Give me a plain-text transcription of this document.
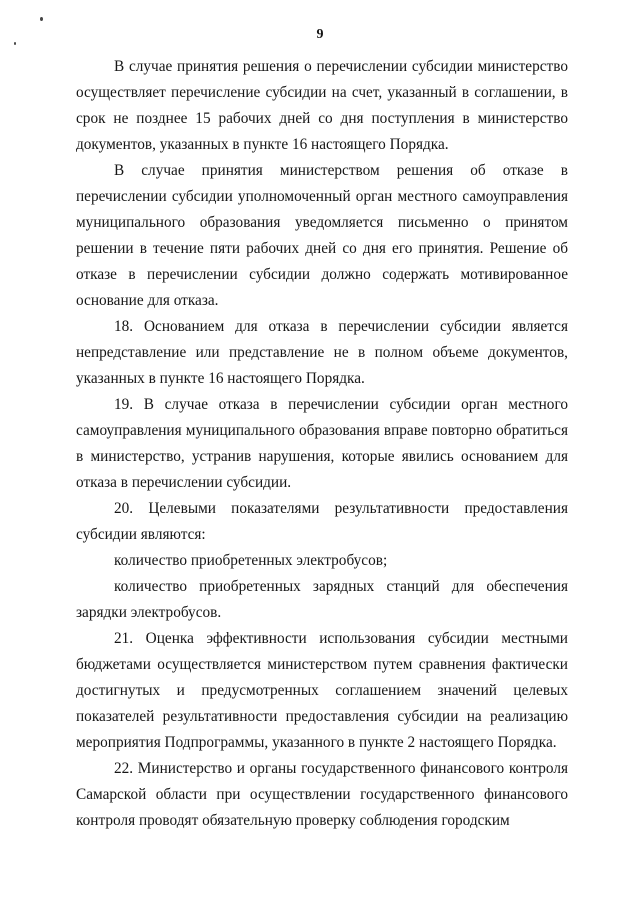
9

В случае принятия решения о перечислении субсидии министерство осуществляет перечисление субсидии на счет, указанный в соглашении, в срок не позднее 15 рабочих дней со дня поступления в министерство документов, указанных в пункте 16 настоящего Порядка.

В случае принятия министерством решения об отказе в перечислении субсидии уполномоченный орган местного самоуправления муниципального образования уведомляется письменно о принятом решении в течение пяти рабочих дней со дня его принятия. Решение об отказе в перечислении субсидии должно содержать мотивированное основание для отказа.

18. Основанием для отказа в перечислении субсидии является непредставление или представление не в полном объеме документов, указанных в пункте 16 настоящего Порядка.

19. В случае отказа в перечислении субсидии орган местного самоуправления муниципального образования вправе повторно обратиться в министерство, устранив нарушения, которые явились основанием для отказа в перечислении субсидии.

20. Целевыми показателями результативности предоставления субсидии являются:

количество приобретенных электробусов;

количество приобретенных зарядных станций для обеспечения зарядки электробусов.

21. Оценка эффективности использования субсидии местными бюджетами осуществляется министерством путем сравнения фактически достигнутых и предусмотренных соглашением значений целевых показателей результативности предоставления субсидии на реализацию мероприятия Подпрограммы, указанного в пункте 2 настоящего Порядка.

22. Министерство и органы государственного финансового контроля Самарской области при осуществлении государственного финансового контроля проводят обязательную проверку соблюдения городским
